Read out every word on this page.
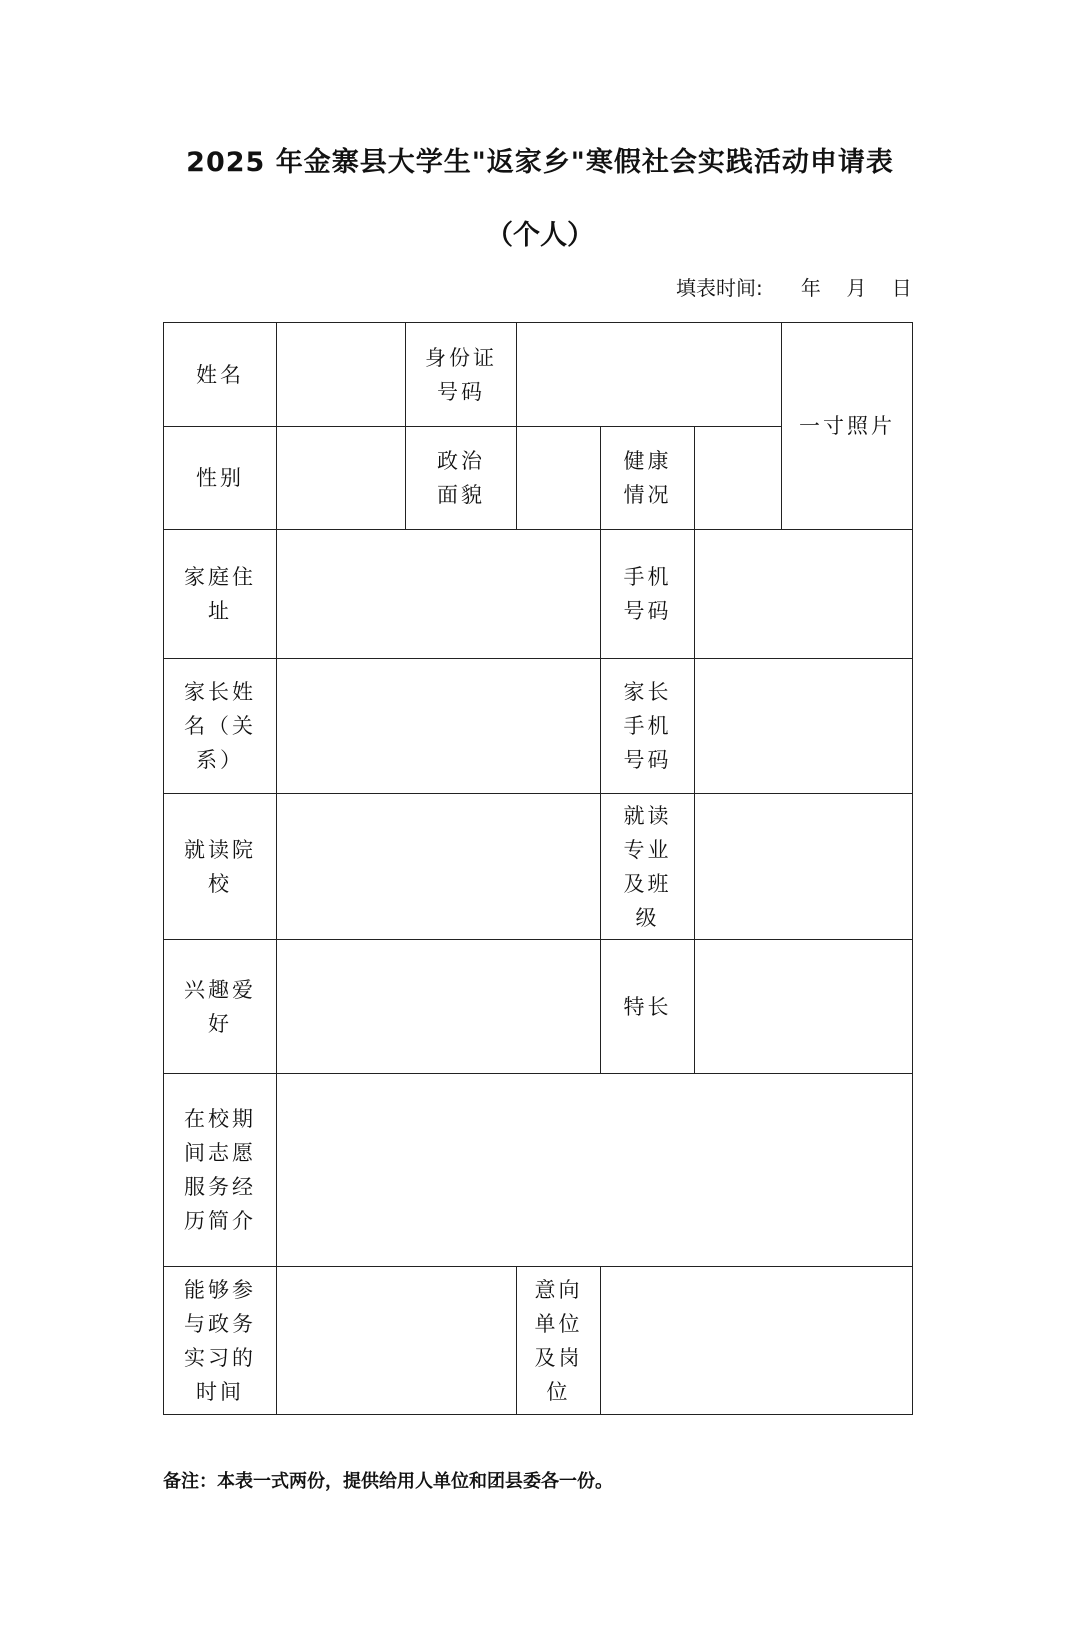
2025 年金寨县大学生"返家乡"寒假社会实践活动申请表
（个人）
填表时间: 年 月 日
姓名		身份证号码				一寸照片
性别		政治面貌		健康情况		
家庭住址				手机号码		
家长姓名（关系）				家长手机号码		
就读院校				就读专业及班级		
兴趣爱好				特长		
在校期间志愿服务经历简介						
能够参与政务实习的时间			意向单位及岗位			
备注：本表一式两份，提供给用人单位和团县委各一份。
